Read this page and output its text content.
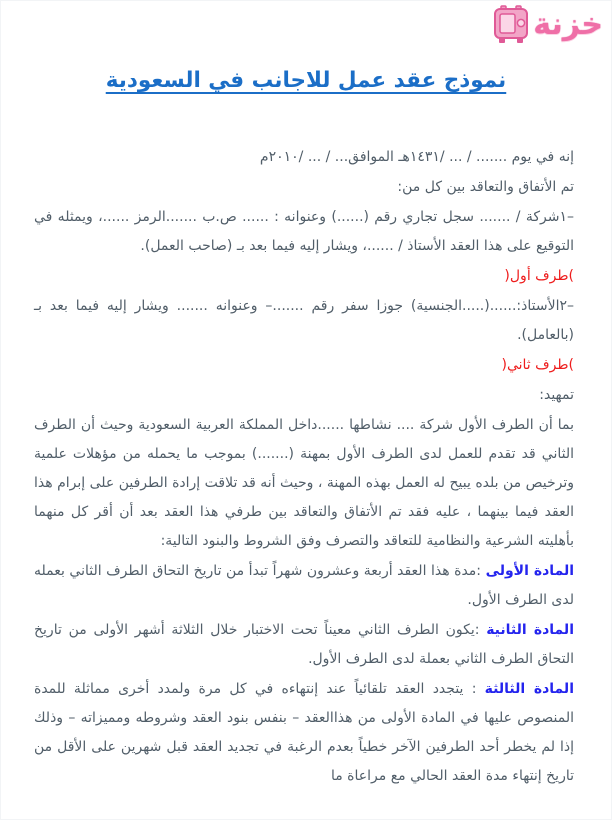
خزنة
نموذج عقد عمل للاجانب في السعودية

إنه في يوم ....... / ... /١٤٣١هـ الموافق... / ... /٢٠١٠م

تم الأتفاق والتعاقد بين كل من:

–١شركة / ....... سجل تجاري رقم (......) وعنوانه : ...... ص.ب .......الرمز ......، ويمثله في التوقيع على هذا العقد الأستاذ / ......، ويشار إليه فيما بعد بـ (صاحب العمل).

)طرف أول(

–٢الأستاذ:......(.....الجنسية) جوزا سفر رقم .......– وعنوانه ....... ويشار إليه فيما بعد بـ (بالعامل).

)طرف ثاني(

تمهيد:

بما أن الطرف الأول شركة .... نشاطها ......داخل المملكة العربية السعودية وحيث أن الطرف الثاني قد تقدم للعمل لدى الطرف الأول بمهنة (.......) بموجب ما يحمله من مؤهلات علمية وترخيص من بلده يبيح له العمل بهذه المهنة ، وحيث أنه قد تلاقت إرادة الطرفين على إبرام هذا العقد فيما بينهما ، عليه فقد تم الأتفاق والتعاقد بين طرفي هذا العقد بعد أن أقر كل منهما بأهليته الشرعية والنظامية للتعاقد والتصرف وفق الشروط والبنود التالية:

المادة الأولى :مدة هذا العقد أربعة وعشرون شهراً تبدأ من تاريخ التحاق الطرف الثاني بعمله لدى الطرف الأول.

المادة الثانية :يكون الطرف الثاني معيناً تحت الاختبار خلال الثلاثة أشهر الأولى من تاريخ التحاق الطرف الثاني بعملة لدى الطرف الأول.

المادة الثالثة : يتجدد العقد تلقائياً عند إنتهاءه في كل مرة ولمدد أخرى مماثلة للمدة المنصوص عليها في المادة الأولى من هذاالعقد – بنفس بنود العقد وشروطه ومميزاته – وذلك إذا لم يخطر أحد الطرفين الآخر خطياً بعدم الرغبة في تجديد العقد قبل شهرين على الأقل من تاريخ إنتهاء مدة العقد الحالي مع مراعاة ما
